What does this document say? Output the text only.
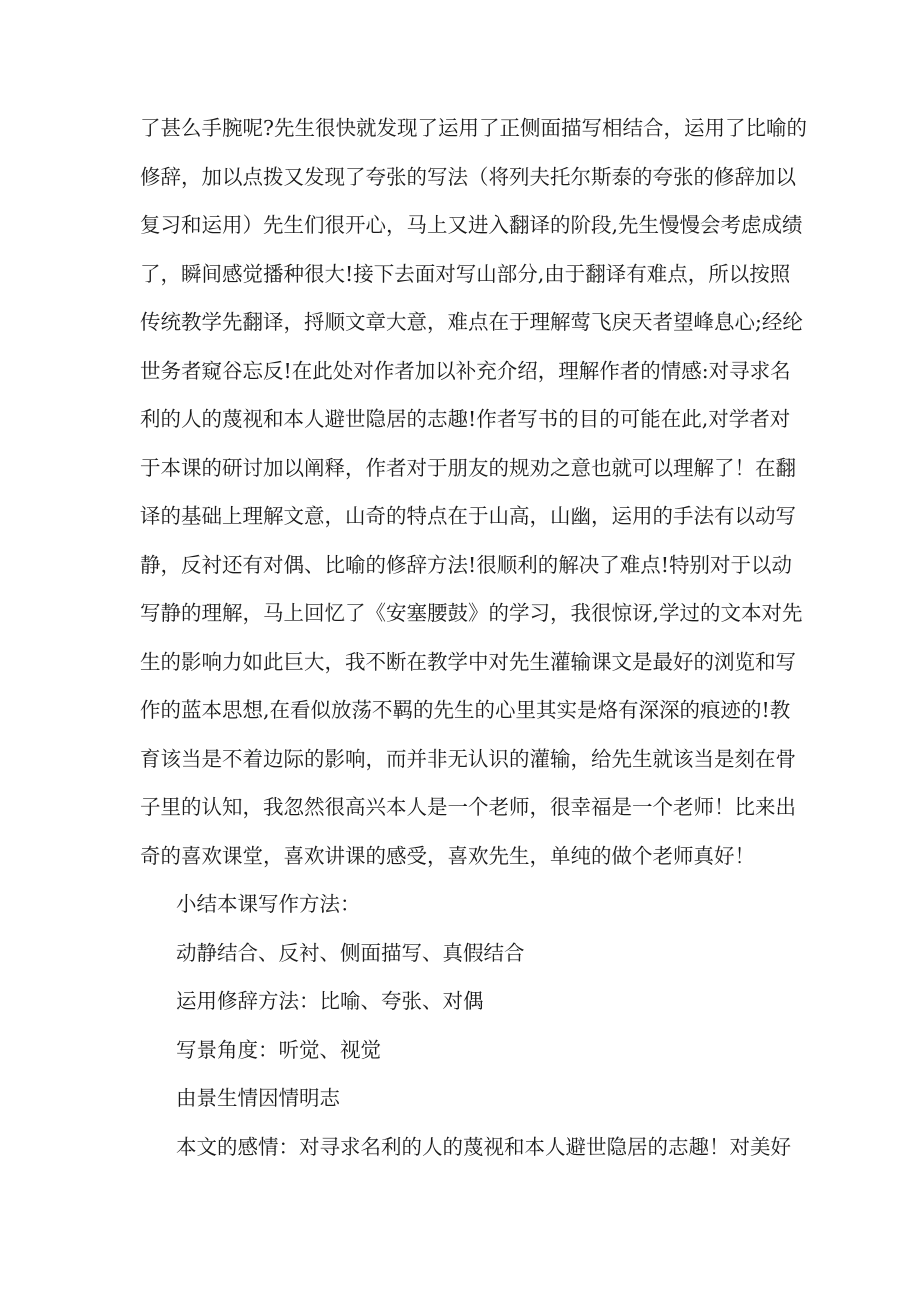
了甚么手腕呢?先生很快就发现了运用了正侧面描写相结合，运用了比喻的
修辞，加以点拨又发现了夸张的写法（将列夫托尔斯泰的夸张的修辞加以
复习和运用）先生们很开心，马上又进入翻译的阶段,先生慢慢会考虑成绩
了，瞬间感觉播种很大!接下去面对写山部分,由于翻译有难点，所以按照
传统教学先翻译，捋顺文章大意，难点在于理解莺飞戾天者望峰息心;经纶
世务者窥谷忘反!在此处对作者加以补充介绍，理解作者的情感:对寻求名
利的人的蔑视和本人避世隐居的志趣!作者写书的目的可能在此,对学者对
于本课的研讨加以阐释，作者对于朋友的规劝之意也就可以理解了！在翻
译的基础上理解文意，山奇的特点在于山高，山幽，运用的手法有以动写
静，反衬还有对偶、比喻的修辞方法!很顺利的解决了难点!特别对于以动
写静的理解，马上回忆了《安塞腰鼓》的学习，我很惊讶,学过的文本对先
生的影响力如此巨大，我不断在教学中对先生灌输课文是最好的浏览和写
作的蓝本思想,在看似放荡不羁的先生的心里其实是烙有深深的痕迹的!教
育该当是不着边际的影响，而并非无认识的灌输，给先生就该当是刻在骨
子里的认知，我忽然很高兴本人是一个老师，很幸福是一个老师！比来出
奇的喜欢课堂，喜欢讲课的感受，喜欢先生，单纯的做个老师真好！
小结本课写作方法：
动静结合、反衬、侧面描写、真假结合
运用修辞方法：比喻、夸张、对偶
写景角度：听觉、视觉
由景生情因情明志
本文的感情：对寻求名利的人的蔑视和本人避世隐居的志趣！对美好
